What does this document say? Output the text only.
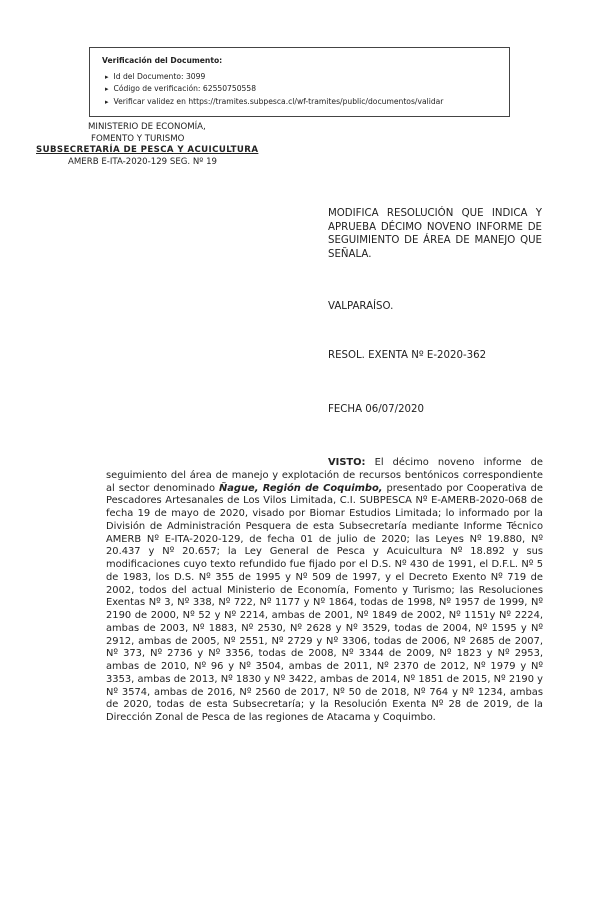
Verificación del Documento:
▸ Id del Documento: 3099
▸ Código de verificación: 62550750558
▸ Verificar validez en https://tramites.subpesca.cl/wf-tramites/public/documentos/validar
MINISTERIO DE ECONOMÍA,
FOMENTO Y TURISMO
SUBSECRETARÍA DE PESCA Y ACUICULTURA
AMERB E-ITA-2020-129 SEG. Nº 19
MODIFICA RESOLUCIÓN QUE INDICA Y APRUEBA DÉCIMO NOVENO INFORME DE SEGUIMIENTO DE ÁREA DE MANEJO QUE SEÑALA.
VALPARAÍSO.
RESOL. EXENTA Nº E-2020-362
FECHA 06/07/2020
VISTO: El décimo noveno informe de seguimiento del área de manejo y explotación de recursos bentónicos correspondiente al sector denominado Ñague, Región de Coquimbo, presentado por Cooperativa de Pescadores Artesanales de Los Vilos Limitada, C.I. SUBPESCA Nº E-AMERB-2020-068 de fecha 19 de mayo de 2020, visado por Biomar Estudios Limitada; lo informado por la División de Administración Pesquera de esta Subsecretaría mediante Informe Técnico AMERB Nº E-ITA-2020-129, de fecha 01 de julio de 2020; las Leyes Nº 19.880, Nº 20.437 y Nº 20.657; la Ley General de Pesca y Acuicultura Nº 18.892 y sus modificaciones cuyo texto refundido fue fijado por el D.S. Nº 430 de 1991, el D.F.L. Nº 5 de 1983, los D.S. Nº 355 de 1995 y Nº 509 de 1997, y el Decreto Exento Nº 719 de 2002, todos del actual Ministerio de Economía, Fomento y Turismo; las Resoluciones Exentas Nº 3, Nº 338, Nº 722, Nº 1177 y Nº 1864, todas de 1998, Nº 1957 de 1999, Nº 2190 de 2000, Nº 52 y Nº 2214, ambas de 2001, Nº 1849 de 2002, Nº 1151y Nº 2224, ambas de 2003, Nº 1883, Nº 2530, Nº 2628 y Nº 3529, todas de 2004, Nº 1595 y Nº 2912, ambas de 2005, Nº 2551, Nº 2729 y Nº 3306, todas de 2006, Nº 2685 de 2007, Nº 373, Nº 2736 y Nº 3356, todas de 2008, Nº 3344 de 2009, Nº 1823 y Nº 2953, ambas de 2010, Nº 96 y Nº 3504, ambas de 2011, Nº 2370 de 2012, Nº 1979 y Nº 3353, ambas de 2013, Nº 1830 y Nº 3422, ambas de 2014, Nº 1851 de 2015, Nº 2190 y Nº 3574, ambas de 2016, Nº 2560 de 2017, Nº 50 de 2018, Nº 764 y Nº 1234, ambas de 2020, todas de esta Subsecretaría; y la Resolución Exenta Nº 28 de 2019, de la Dirección Zonal de Pesca de las regiones de Atacama y Coquimbo.
